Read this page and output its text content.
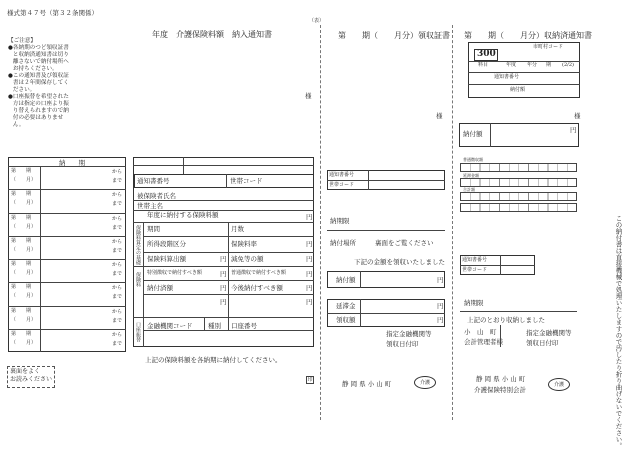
様式第４７号（第３２条関係）
（表）
【ご注意】
● 各納期のつど領収証書と収納済通知書は切り離さないで納付場所へお持ちください。
● この通知書及び領収証書は２年間保存してください。
● 口座振替を希望された方は指定の口座より振り替えられますので納付の必要はありません。
納　　期
第　　期
（　　月）
から
まで
第　　期
（　　月）
から
まで
第　　期
（　　月）
から
まで
第　　期
（　　月）
から
まで
第　　期
（　　月）
から
まで
第　　期
（　　月）
から
まで
第　　期
（　　月）
から
まで
第　　期
（　　月）
から
まで
裏面をよく
お読みください
年度　介護保険料額　納入通知書
様
通知書番号	世帯コード
被保険者氏名
世帯主名
年度に納付する保険料額	円
保険料算定の基礎 期間	月数
所得段階区分	保険料率	円
保険料算出額	円 減免等の額	円
保険料 特別徴収で納付すべき額	円 普通徴収で納付すべき額	円
納付済額	円 今後納付すべき額	円
円	円
口座振替 金融機関コード 種別 口座番号
上記の保険料額を各納期に納付してください。
印
第　　期（　　月分）領収証書
様
通知書番号
世帯コード
納期限
納付場所	裏面をご覧ください
下記の金額を領収いたしました
納付額	円
延滞金	円
領収額	円
指定金融機関等
領収日付印
静 岡 県 小 山 町	介護
第　　期（　　月分）収納済通知書
300
市町村コード
料目	年度 年分 期 (2/2)
通知書番号
納付額
様
納付額	円
普通徴収額
延滞金額
合計額
通知書番号
世帯コード
納期限
上記のとおり収納しました
小　山　町
会計管理者様
指定金融機関等
領収日付印
静 岡 県 小 山 町
介護保険特別会計
介護	この納付書は直接機械で処理いたしますので汚したり折り曲げないでください。
